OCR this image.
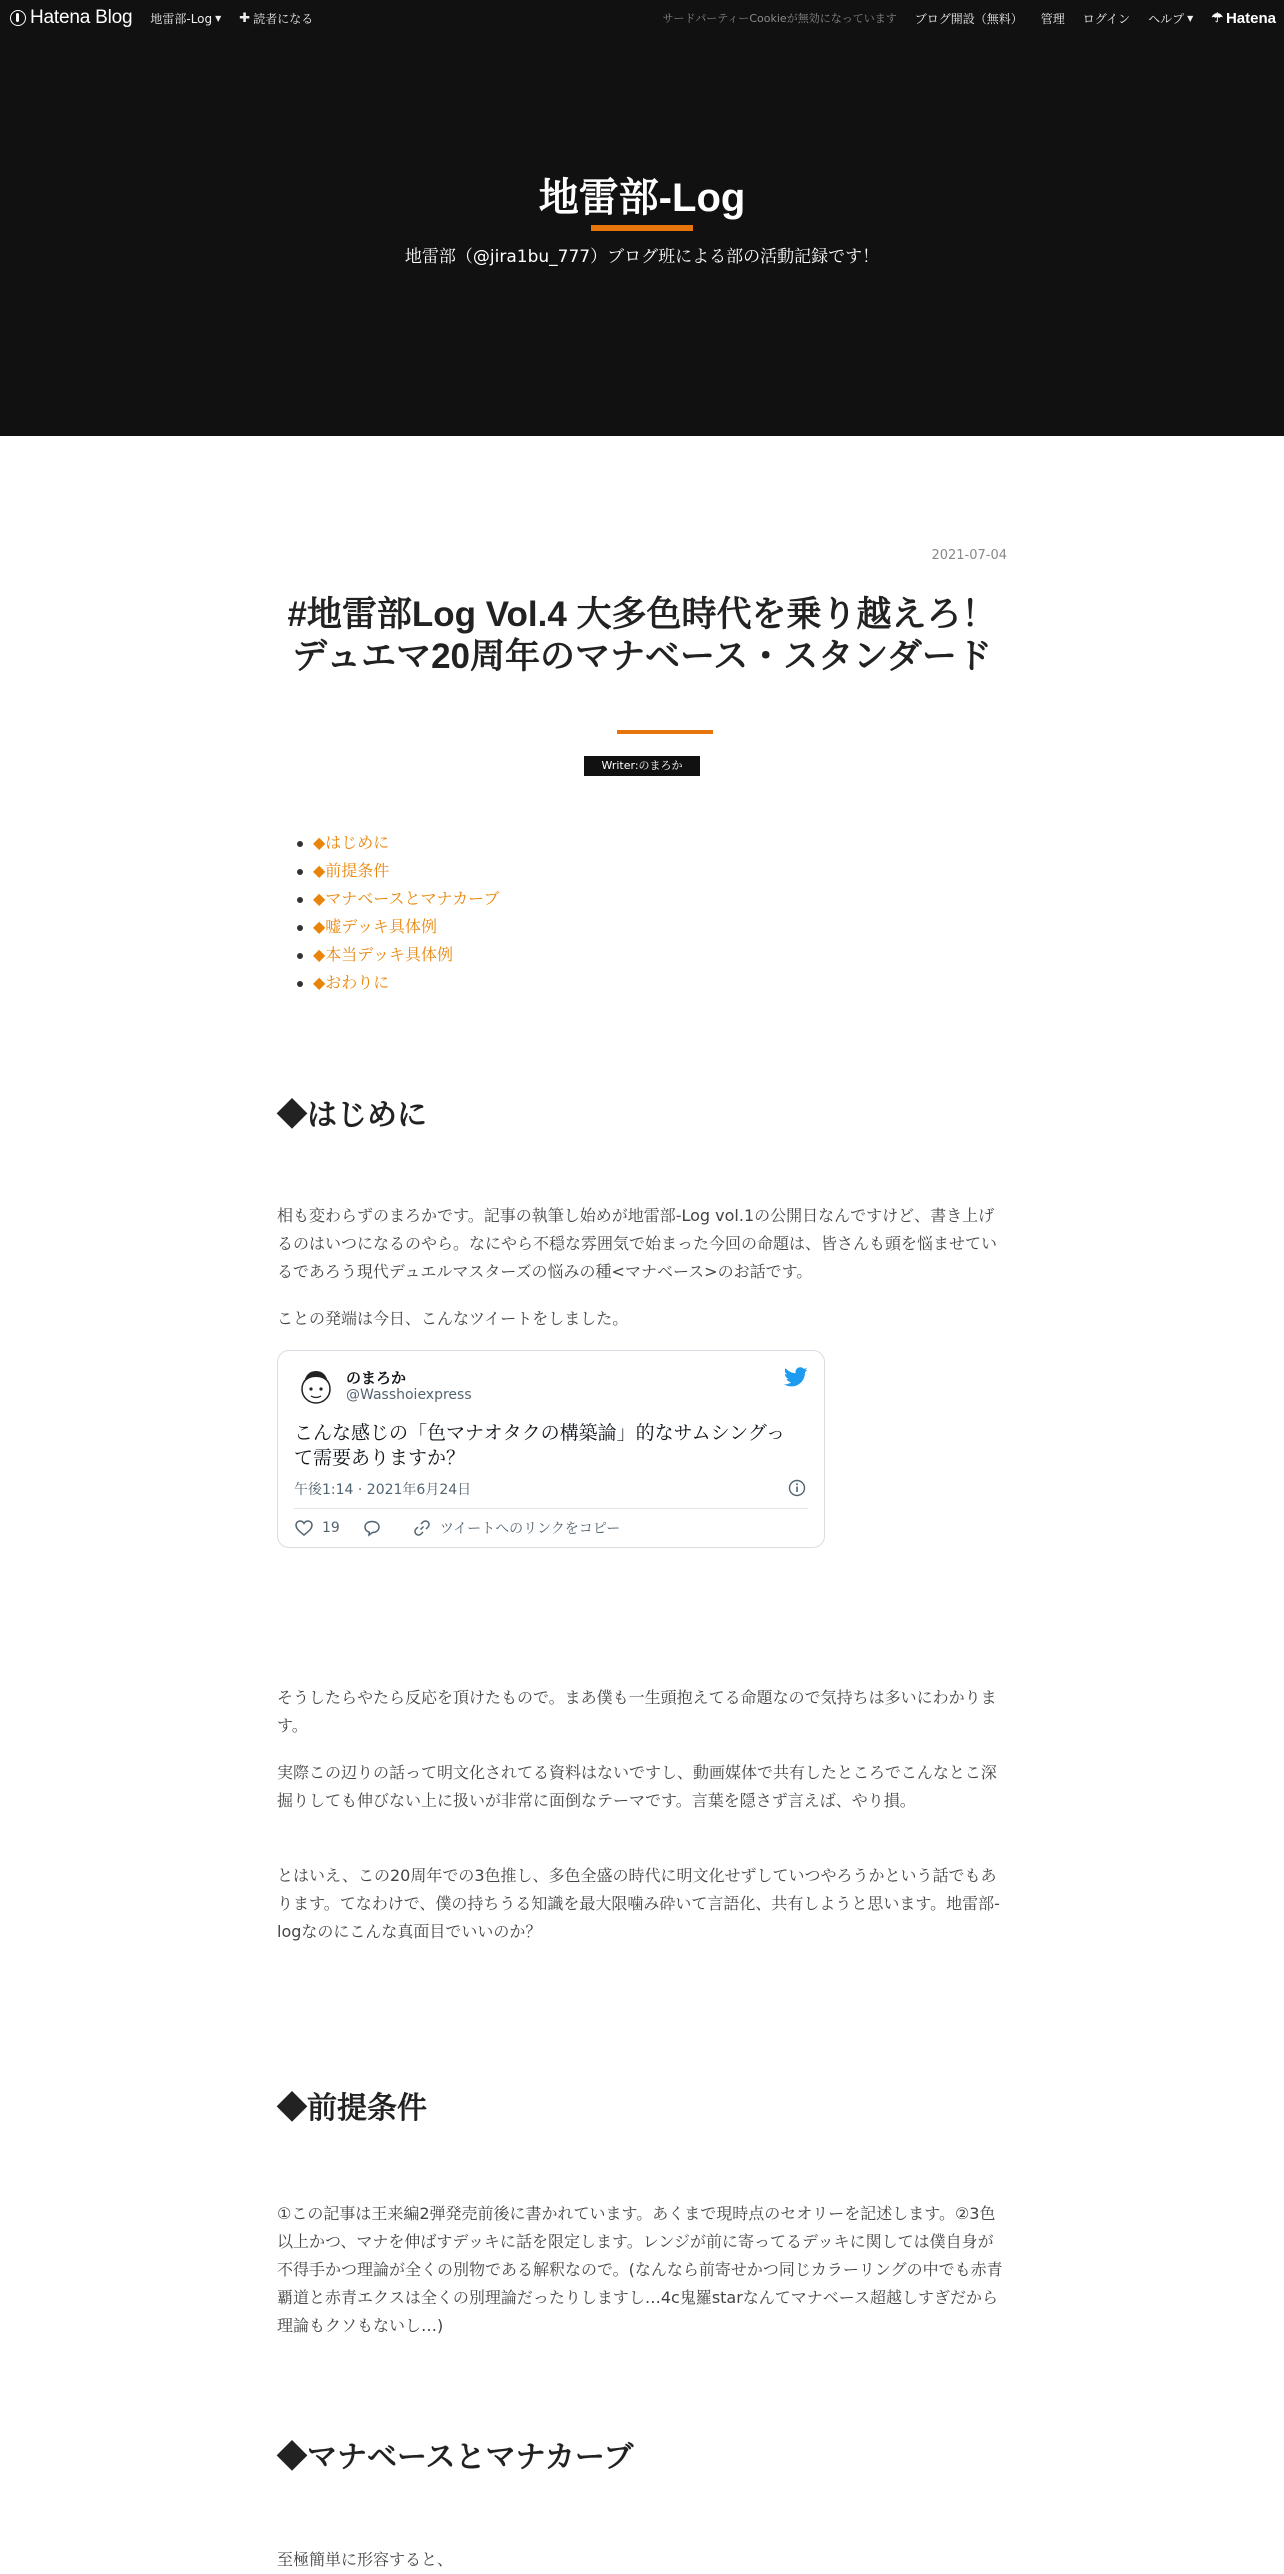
Hatena Blog 地雷部-Log ▼ ✚ 読者になる	サードパーティーCookieが無効になっています ブログ開設（無料） 管理 ログイン ヘルプ ▼ ☂ Hatena
地雷部-Log
地雷部（@jira1bu_777）ブログ班による部の活動記録です！
2021-07-04
#地雷部Log Vol.4 大多色時代を乗り越えろ！デュエマ20周年のマナベース・スタンダード
Writer:のまろか
◆はじめに
◆前提条件
◆マナベースとマナカーブ
◆嘘デッキ具体例
◆本当デッキ具体例
◆おわりに
◆はじめに

相も変わらずのまろかです。記事の執筆し始めが地雷部-Log vol.1の公開日なんですけど、書き上げるのはいつになるのやら。なにやら不穏な雰囲気で始まった今回の命題は、皆さんも頭を悩ませているであろう現代デュエルマスターズの悩みの種<マナベース>のお話です。

ことの発端は今日、こんなツイートをしました。

のまろか
@Wasshoiexpress
こんな感じの「色マナオタクの構築論」的なサムシングって需要ありますか？
午後1:14 · 2021年6月24日
19	ツイートへのリンクをコピー

そうしたらやたら反応を頂けたもので。まあ僕も一生頭抱えてる命題なので気持ちは多いにわかります。

実際この辺りの話って明文化されてる資料はないですし、動画媒体で共有したところでこんなとこ深掘りしても伸びない上に扱いが非常に面倒なテーマです。言葉を隠さず言えば、やり損。

とはいえ、この20周年での3色推し、多色全盛の時代に明文化せずしていつやろうかという話でもあります。てなわけで、僕の持ちうる知識を最大限噛み砕いて言語化、共有しようと思います。地雷部-logなのにこんな真面目でいいのか？

◆前提条件

①この記事は王来編2弾発売前後に書かれています。あくまで現時点のセオリーを記述します。②3色以上かつ、マナを伸ばすデッキに話を限定します。レンジが前に寄ってるデッキに関しては僕自身が不得手かつ理論が全くの別物である解釈なので。(なんなら前寄せかつ同じカラーリングの中でも赤青覇道と赤青エクスは全くの別理論だったりしますし…4c鬼羅starなんてマナベース超越しすぎだから理論もクソもないし…)

◆マナベースとマナカーブ

至極簡単に形容すると、
